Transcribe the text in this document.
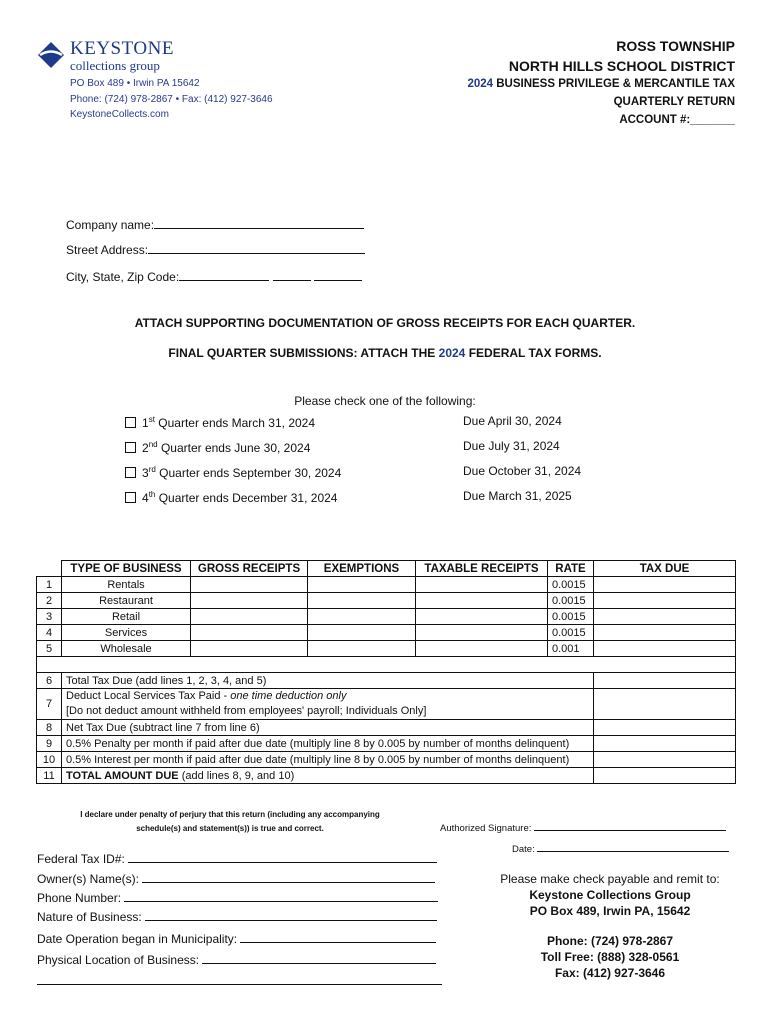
KEYSTONE
collections group
PO Box 489 • Irwin PA 15642
Phone: (724) 978-2867 • Fax: (412) 927-3646
KeystoneCollects.com
ROSS TOWNSHIP
NORTH HILLS SCHOOL DISTRICT
2024 BUSINESS PRIVILEGE & MERCANTILE TAX
QUARTERLY RETURN
ACCOUNT #:_______
Company name:
Street Address:
City, State, Zip Code:
ATTACH SUPPORTING DOCUMENTATION OF GROSS RECEIPTS FOR EACH QUARTER.
FINAL QUARTER SUBMISSIONS: ATTACH THE 2024 FEDERAL TAX FORMS.
Please check one of the following:
1st Quarter ends March 31, 2024	Due April 30, 2024
2nd Quarter ends June 30, 2024	Due July 31, 2024
3rd Quarter ends September 30, 2024	Due October 31, 2024
4th Quarter ends December 31, 2024	Due March 31, 2025
	TYPE OF BUSINESS	GROSS RECEIPTS	EXEMPTIONS	TAXABLE RECEIPTS	RATE	TAX DUE
1	Rentals				0.0015	
2	Restaurant				0.0015	
3	Retail				0.0015	
4	Services				0.0015	
5	Wholesale				0.001	

6	Total Tax Due (add lines 1, 2, 3, 4, and 5)					
7	Deduct Local Services Tax Paid - one time deduction only
[Do not deduct amount withheld from employees' payroll; Individuals Only]					
8	Net Tax Due (subtract line 7 from line 6)					
9	0.5% Penalty per month if paid after due date (multiply line 8 by 0.005 by number of months delinquent)					
10	0.5% Interest per month if paid after due date (multiply line 8 by 0.005 by number of months delinquent)					
11	TOTAL AMOUNT DUE (add lines 8, 9, and 10)					
I declare under penalty of perjury that this return (including any accompanying
schedule(s) and statement(s)) is true and correct.	Authorized Signature:
Date:
Federal Tax ID#:
Owner(s) Name(s):
Phone Number:
Nature of Business:
Date Operation began in Municipality:
Physical Location of Business:
Please make check payable and remit to:
Keystone Collections Group
PO Box 489, Irwin PA, 15642
Phone: (724) 978-2867
Toll Free: (888) 328-0561
Fax: (412) 927-3646
